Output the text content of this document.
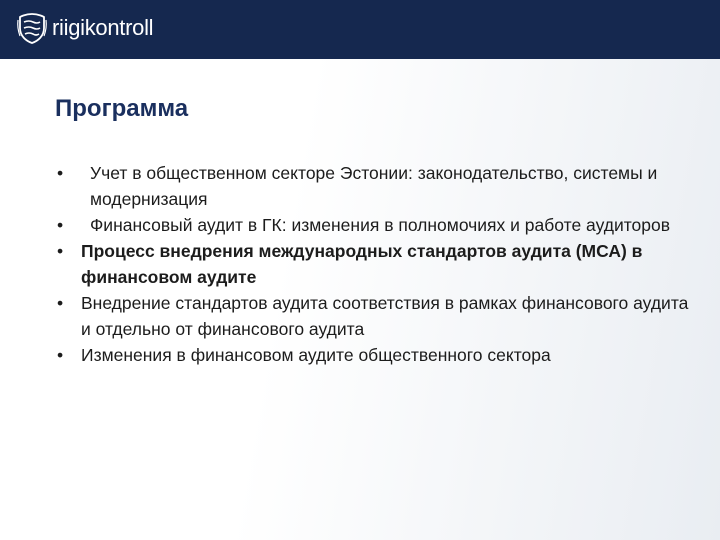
riigikontroll
Программа
• Учет в общественном секторе Эстонии: законодательство, системы и модернизация
• Финансовый аудит в ГК: изменения в полномочиях и работе аудиторов
• Процесс внедрения международных стандартов аудита (МСА) в финансовом аудите
• Внедрение стандартов аудита соответствия в рамках финансового аудита и отдельно от финансового аудита
• Изменения в финансовом аудите общественного сектора
